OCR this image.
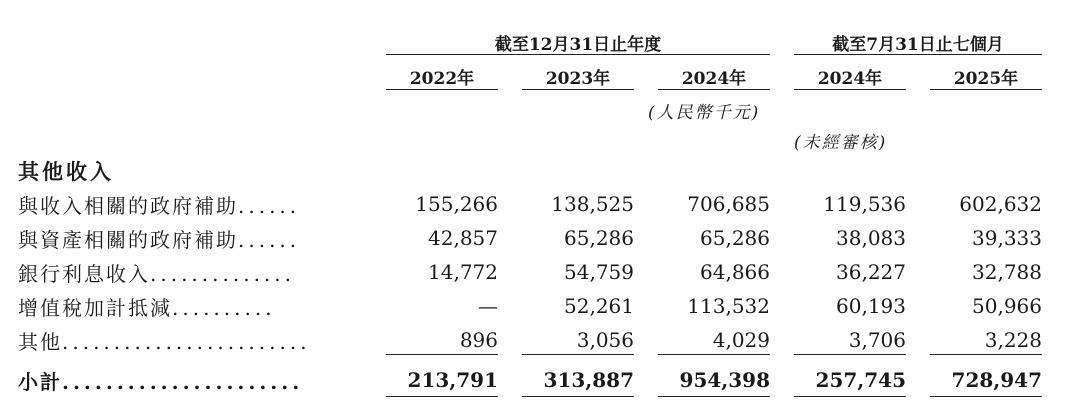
截至12月31日止年度	截至7月31日止七個月
2022年	2023年	2024年	2024年	2025年
(人民幣千元)
(未經審核)
其他收入
與收入相關的政府補助......	155,266	138,525	706,685	119,536	602,632
與資產相關的政府補助......	42,857	65,286	65,286	38,083	39,333
銀行利息收入..............	14,772	54,759	64,866	36,227	32,788
增值稅加計抵減..........	—	52,261	113,532	60,193	50,966
其他........................	896	3,056	4,029	3,706	3,228
小計......................	213,791	313,887	954,398	257,745	728,947
